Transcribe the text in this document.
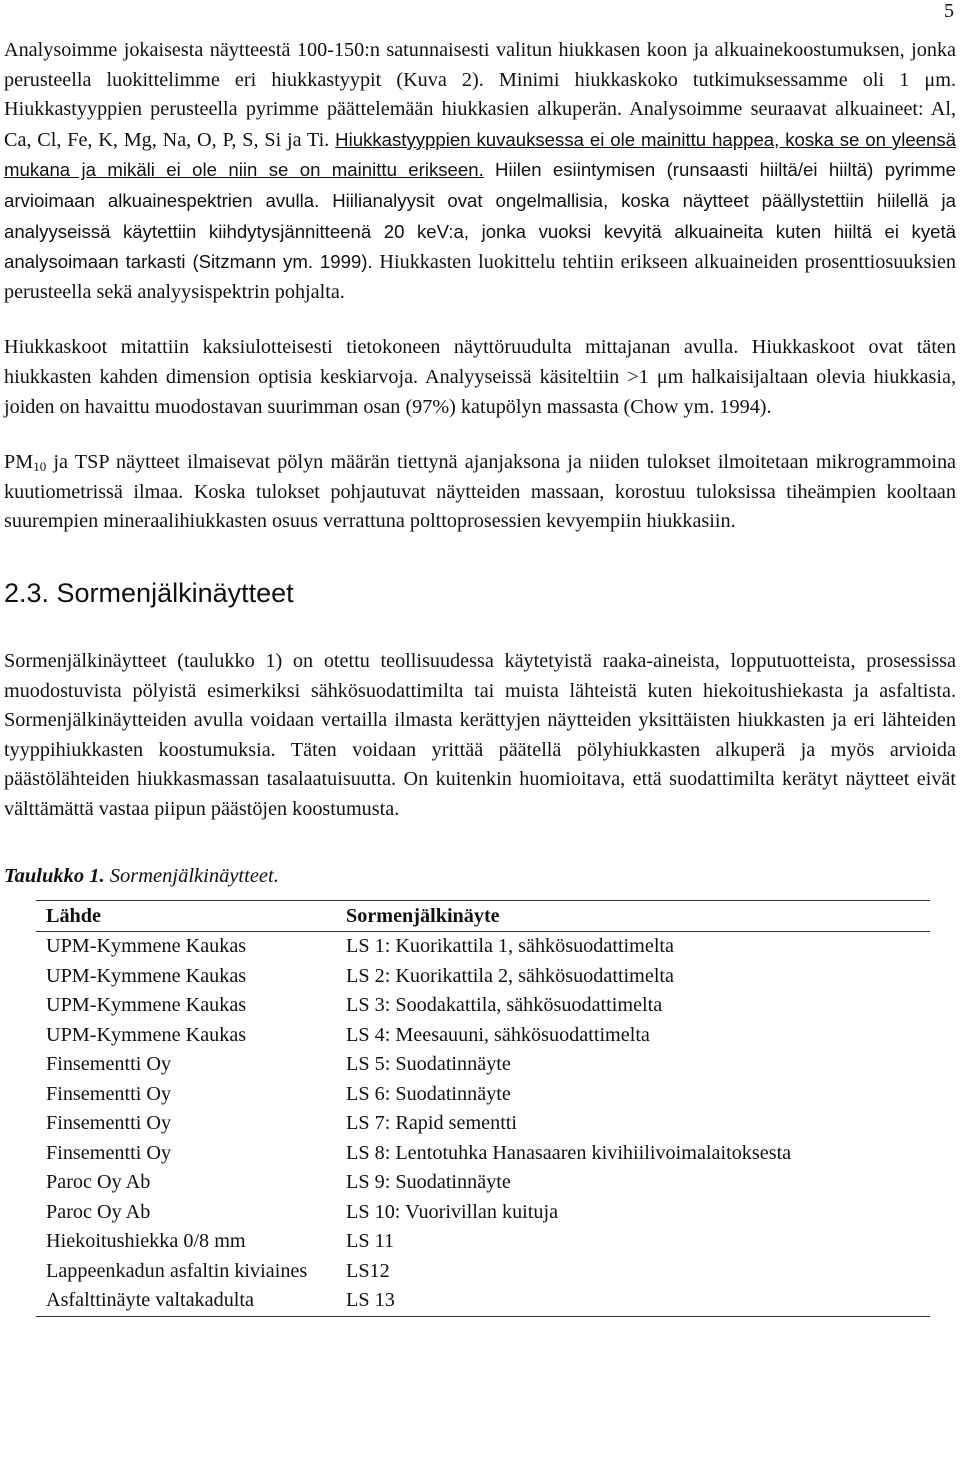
5

Analysoimme jokaisesta näytteestä 100-150:n satunnaisesti valitun hiukkasen koon ja alkuainekoostumuksen, jonka perusteella luokittelimme eri hiukkastyypit (Kuva 2). Minimi hiukkaskoko tutkimuksessamme oli 1 μm. Hiukkastyyppien perusteella pyrimme päättelemään hiukkasien alkuperän. Analysoimme seuraavat alkuaineet: Al, Ca, Cl, Fe, K, Mg, Na, O, P, S, Si ja Ti. Hiukkastyyppien kuvauksessa ei ole mainittu happea, koska se on yleensä mukana ja mikäli ei ole niin se on mainittu erikseen. Hiilen esiintymisen (runsaasti hiiltä/ei hiiltä) pyrimme arvioimaan alkuainespektrien avulla. Hiilianalyysit ovat ongelmallisia, koska näytteet päällystettiin hiilellä ja analyyseissä käytettiin kiihdytysjännitteenä 20 keV:a, jonka vuoksi kevyitä alkuaineita kuten hiiltä ei kyetä analysoimaan tarkasti (Sitzmann ym. 1999). Hiukkasten luokittelu tehtiin erikseen alkuaineiden prosenttiosuuksien perusteella sekä analyysispektrin pohjalta.

Hiukkaskoot mitattiin kaksiulotteisesti tietokoneen näyttöruudulta mittajanan avulla. Hiukkaskoot ovat täten hiukkasten kahden dimension optisia keskiarvoja. Analyyseissä käsiteltiin >1 μm halkaisijaltaan olevia hiukkasia, joiden on havaittu muodostavan suurimman osan (97%) katupölyn massasta (Chow ym. 1994).

$PM_{10}$ ja TSP näytteet ilmaisevat pölyn määrän tiettynä ajanjaksona ja niiden tulokset ilmoitetaan mikrogrammoina kuutiometrissä ilmaa. Koska tulokset pohjautuvat näytteiden massaan, korostuu tuloksissa tiheämpien kooltaan suurempien mineraalihiukkasten osuus verrattuna polttoprosessien kevyempiin hiukkasiin.

2.3. Sormenjälkinäytteet

Sormenjälkinäytteet (taulukko 1) on otettu teollisuudessa käytetyistä raaka-aineista, lopputuotteista, prosessissa muodostuvista pölyistä esimerkiksi sähkösuodattimilta tai muista lähteistä kuten hiekoitushiekasta ja asfaltista. Sormenjälkinäytteiden avulla voidaan vertailla ilmasta kerättyjen näytteiden yksittäisten hiukkasten ja eri lähteiden tyyppihiukkasten koostumuksia. Täten voidaan yrittää päätellä pölyhiukkasten alkuperä ja myös arvioida päästölähteiden hiukkasmassan tasalaatuisuutta. On kuitenkin huomioitava, että suodattimilta kerätyt näytteet eivät välttämättä vastaa piipun päästöjen koostumusta.

Taulukko 1. Sormenjälkinäytteet.
Lähde	Sormenjälkinäyte
UPM-Kymmene Kaukas	LS 1: Kuorikattila 1, sähkösuodattimelta
UPM-Kymmene Kaukas	LS 2: Kuorikattila 2, sähkösuodattimelta
UPM-Kymmene Kaukas	LS 3: Soodakattila, sähkösuodattimelta
UPM-Kymmene Kaukas	LS 4: Meesauuni, sähkösuodattimelta
Finsementti Oy	LS 5: Suodatinnäyte
Finsementti Oy	LS 6: Suodatinnäyte
Finsementti Oy	LS 7: Rapid sementti
Finsementti Oy	LS 8: Lentotuhka Hanasaaren kivihiilivoimalaitoksesta
Paroc Oy Ab	LS 9: Suodatinnäyte
Paroc Oy Ab	LS 10: Vuorivillan kuituja
Hiekoitushiekka 0/8 mm	LS 11
Lappeenkadun asfaltin kiviaines	LS12
Asfalttinäyte valtakadulta	LS 13
